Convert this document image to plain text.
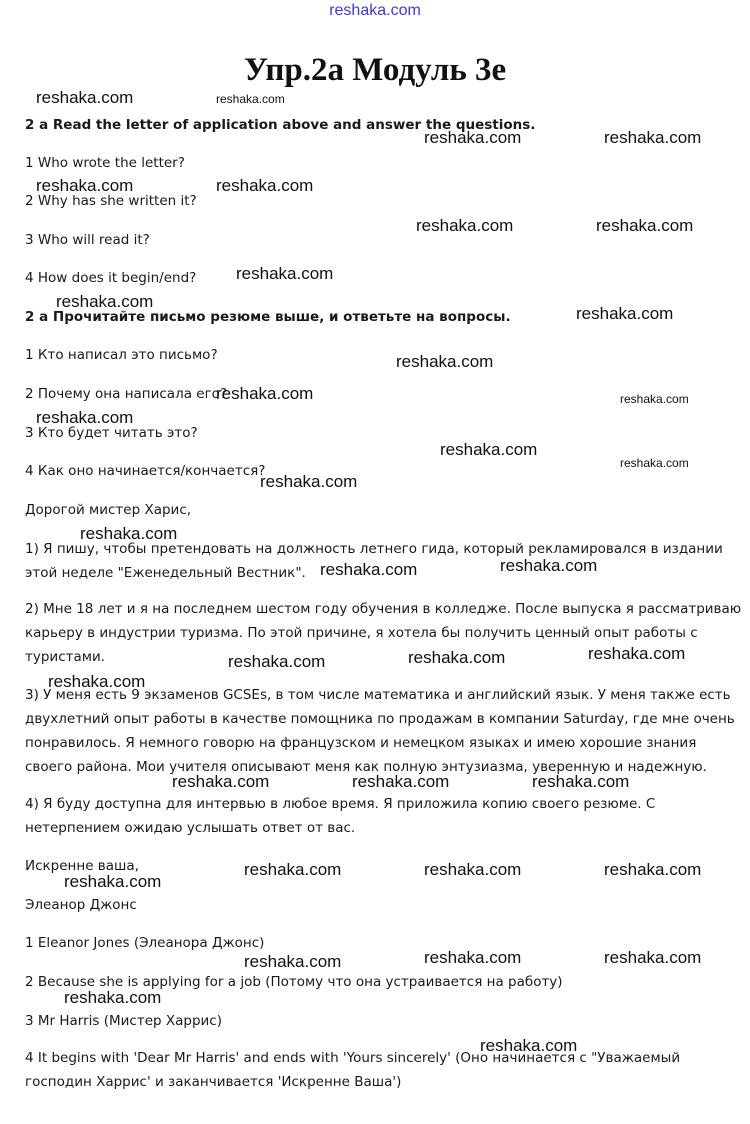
reshaka.com
Упр.2а Модуль 3е
2 a Read the letter of application above and answer the questions.
1 Who wrote the letter?
2 Why has she written it?
3 Who will read it?
4 How does it begin/end?
2 а Прочитайте письмо резюме выше, и ответьте на вопросы.
1 Кто написал это письмо?
2 Почему она написала его?
3 Кто будет читать это?
4 Как оно начинается/кончается?
Дорогой мистер Харис,
1) Я пишу, чтобы претендовать на должность летнего гида, который рекламировался в издании
этой неделе "Еженедельный Вестник".
2) Мне 18 лет и я на последнем шестом году обучения в колледже. После выпуска я рассматриваю
карьеру в индустрии туризма. По этой причине, я хотела бы получить ценный опыт работы с
туристами.
3) У меня есть 9 экзаменов GCSEs, в том числе математика и английский язык. У меня также есть
двухлетний опыт работы в качестве помощника по продажам в компании Saturday, где мне очень
понравилось. Я немного говорю на французском и немецком языках и имею хорошие знания
своего района. Мои учителя описывают меня как полную энтузиазма, уверенную и надежную.
4) Я буду доступна для интервью в любое время. Я приложила копию своего резюме. С
нетерпением ожидаю услышать ответ от вас.
Искренне ваша,
Элеанор Джонс
1 Eleanor Jones (Элеанора Джонс)
2 Because she is applying for a job (Потому что она устраивается на работу)
3 Mr Harris (Мистер Харрис)
4 It begins with 'Dear Mr Harris' and ends with 'Yours sincerely' (Оно начинается с "Уважаемый
господин Харрис' и заканчивается 'Искренне Ваша')
reshaka.com	reshaka.com
reshaka.com	reshaka.com
reshaka.com	reshaka.com
reshaka.com	reshaka.com
reshaka.com
reshaka.com
reshaka.com
reshaka.com
reshaka.com	reshaka.com
reshaka.com
reshaka.com
reshaka.com
reshaka.com
reshaka.com
reshaka.com
reshaka.com
reshaka.com
reshaka.com
reshaka.com
reshaka.com
reshaka.com	reshaka.com	reshaka.com
reshaka.com	reshaka.com	reshaka.com
reshaka.com
reshaka.com	reshaka.com
reshaka.com
reshaka.com
reshaka.com
